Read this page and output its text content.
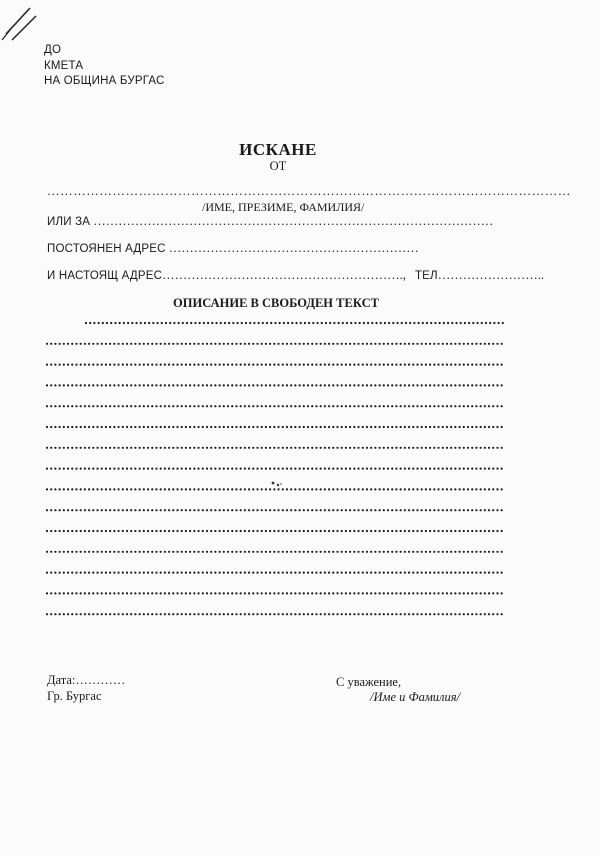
ДО
КМЕТА
НА ОБЩИНА БУРГАС
ИСКАНЕ
ОТ
…………………………………………………………………………………………………………
/ИМЕ, ПРЕЗИМЕ, ФАМИЛИЯ/
ИЛИ ЗА ……………………………………………………………………………………
ПОСТОЯНЕН АДРЕС ……………………………………………………
И НАСТОЯЩ АДРЕС…………………………………………………., ТЕЛ……………………..
ОПИСАНИЕ В СВОБОДЕН ТЕКСТ
Дата:…………
Гр. Бургас
С уважение,
/Име и Фамилия/
